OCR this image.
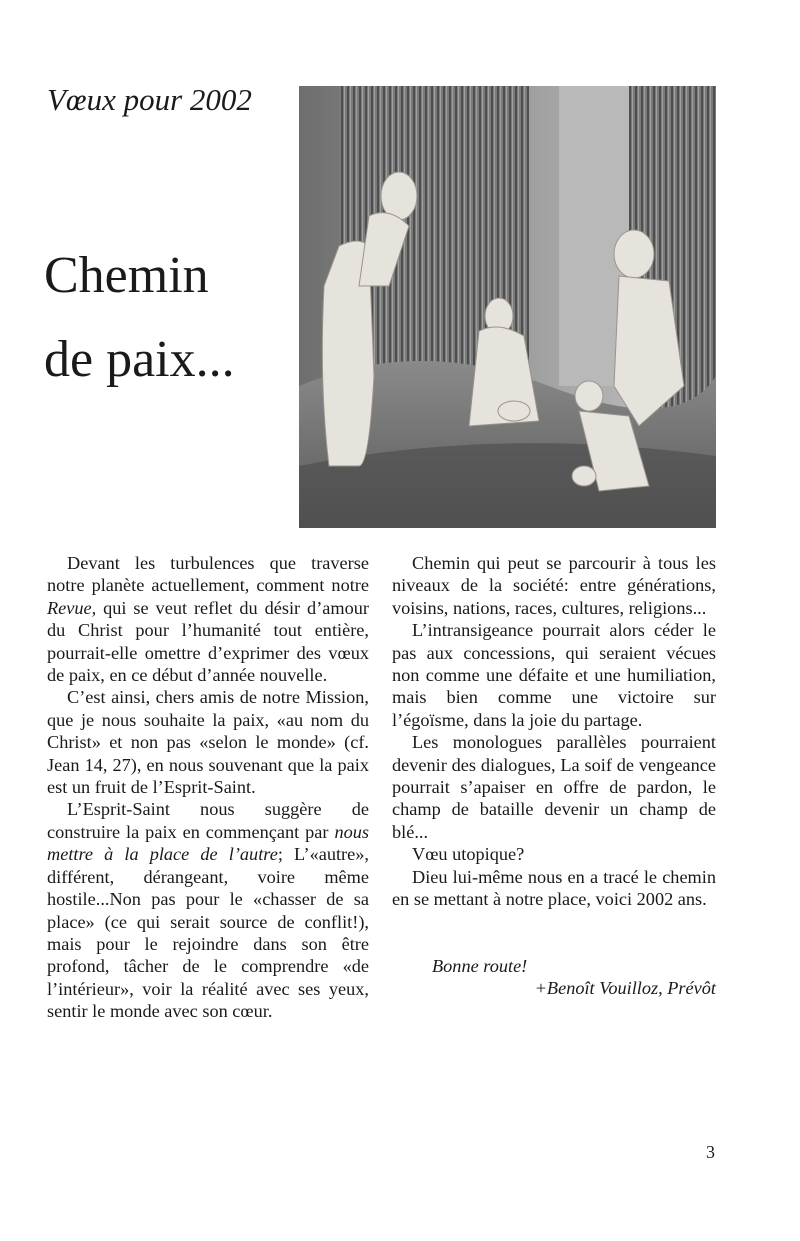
Vœux pour 2002
Chemin
de paix...

Devant les turbulences que traverse notre planète actuellement, comment notre Revue, qui se veut reflet du désir d’amour du Christ pour l’humanité tout entière, pourrait-elle omettre d’exprimer des vœux de paix, en ce début d’année nouvelle.

C’est ainsi, chers amis de notre Mission, que je nous souhaite la paix, «au nom du Christ» et non pas «selon le monde» (cf. Jean 14, 27), en nous souvenant que la paix est un fruit de l’Esprit-Saint.

L’Esprit-Saint nous suggère de construire la paix en commençant par nous mettre à la place de l’autre; L’«autre», différent, dérangeant, voire même hostile...Non pas pour le «chasser de sa place» (ce qui serait source de conflit!), mais pour le rejoindre dans son être profond, tâcher de le comprendre «de l’intérieur», voir la réalité avec ses yeux, sentir le monde avec son cœur.

Chemin qui peut se parcourir à tous les niveaux de la société: entre générations, voisins, nations, races, cultures, religions...

L’intransigeance pourrait alors céder le pas aux concessions, qui seraient vécues non comme une défaite et une humiliation, mais bien comme une victoire sur l’égoïsme, dans la joie du partage.

Les monologues parallèles pourraient devenir des dialogues, La soif de vengeance pourrait s’apaiser en offre de pardon, le champ de bataille devenir un champ de blé...

Vœu utopique?

Dieu lui-même nous en a tracé le chemin en se mettant à notre place, voici 2002 ans.

Bonne route!

+Benoît Vouilloz, Prévôt

3
